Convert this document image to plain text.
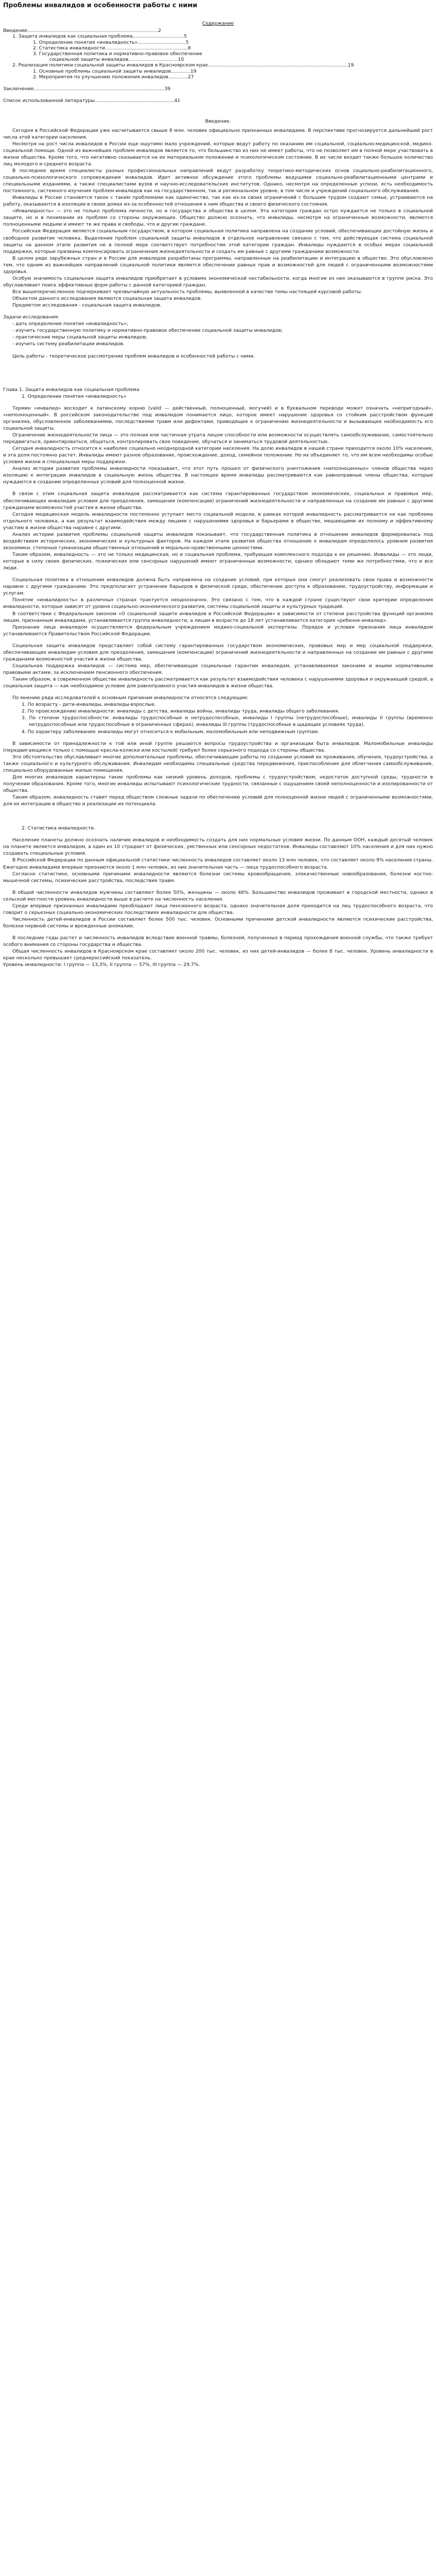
Проблемы инвалидов и особенности работы с ними
Содержание
Введение.......................................................................................2
1. Защита инвалидов как социальная проблема..................................5
1. Определение понятия «инвалидность»................................5
2. Статистика инвалидности.......................................................8
3. Государственная политика и нормативно-правовое обеспечение
социальной защиты инвалидов.................................10
2. Реализация политики социальной защиты инвалидов в Красноярском крае.............................................................................................19
1. Основные проблемы социальной защиты инвалидов.............19
2. Мероприятия по улучшению положения инвалидов.............27
Заключение.......................................................................................39
Список использованной литературы.....................................................41
Введение.

Сегодня в Российской Федерации уже насчитывается свыше 8 млн. человек официально признанных инвалидами. В перспективе прогнозируется дальнейший рост числа этой категории населения.

Несмотря на рост числа инвалидов в России еще ощутимо мало учреждений, которые ведут работу по оказанию им социальной, социально-медицинской, медико-социальной помощи. Одной из важнейших проблем инвалидов является то, что большинство из них не имеет работы, что не позволяет им в полной мере участвовать в жизни общества. Кроме того, что негативно сказывается на их материальном положении и психологическом состоянии. В их числе входит также большое количество лиц молодого и среднего возраста.

В последнее время специалисты разных профессиональных направлений ведут разработку теоретико-методических основ социально-реабилитационного, социально-психологического сопровождения инвалидов. Идет активное обсуждение этого проблемы ведущими социально-реабилитационными центрами и специальными изданиями, а также специалистами вузов и научно-исследовательских институтов. Однако, несмотря на определенные успехи, есть необходимость постоянного, системного изучения проблем инвалидов как на государственном, так и региональном уровне, в том числе и учреждений социального обслуживания.

Инвалиды в России становятся такое с таким проблемами как одиночество, так как из-за своих ограничений с большим трудом создают семьи, устраиваются на работу, оказываются в изоляции в своих домах из-за особенностей отношения к ним общества и своего физического состояния.

«Инвалидность» — это не только проблема личности, но и государства и общества в целом. Эта категория граждан остро нуждается не только в социальной защите, но и в понимании их проблем со стороны окружающих. Общество должно осознать, что инвалиды, несмотря на ограниченные возможности, являются полноценными людьми и имеют те же права и свободы, что и другие граждане.

Российская Федерация является социальным государством, в котором социальная политика направлена на создание условий, обеспечивающих достойную жизнь и свободное развитие человека. Выделение проблем социальной защиты инвалидов в отдельное направление связано с тем, что действующая система социальной защиты на данном этапе развития не в полной мере соответствует потребностям этой категории граждан. Инвалиды нуждаются в особых мерах социальной поддержки, которые призваны компенсировать ограничения жизнедеятельности и создать им равные с другими гражданами возможности.

В целом ряде зарубежных стран и в России для инвалидов разработаны программы, направленные на реабилитацию и интеграцию в общество. Это обусловлено тем, что одним из важнейших направлений социальной политики является обеспечение равных прав и возможностей для людей с ограниченными возможностями здоровья.

Особую значимость социальная защита инвалидов приобретает в условиях экономической нестабильности, когда многие из них оказываются в группе риска. Это обуславливает поиск эффективных форм работы с данной категорией граждан.

Все вышеперечисленное подчеркивает чрезвычайную актуальность проблемы, выявленной в качестве темы настоящей курсовой работы.

Объектом данного исследования являются социальная защита инвалидов.

Предметом исследования - социальная защита инвалидов.

Задачи исследования:

- дать определение понятия «инвалидность»;

- изучить государственную политику и нормативно-правовое обеспечение социальной защиты инвалидов;

- практические меры социальной защиты инвалидов;

- изучить систему реабилитации инвалидов.

Цель работы - теоретическое рассмотрение проблем инвалидов и особенностей работы с ними.

Глава 1. Защита инвалидов как социальная проблема
1. Определение понятия «инвалидность»

Термин «инвалид» восходит к латинскому корню (valid — действенный, полноценный, могучий) и в буквальном переводе может означать «непригодный», «неполноценный». В российском законодательстве под инвалидом понимается лицо, которое имеет нарушение здоровья со стойким расстройством функций организма, обусловленное заболеваниями, последствиями травм или дефектами, приводящее к ограничению жизнедеятельности и вызывающее необходимость его социальной защиты.

Ограничение жизнедеятельности лица — это полная или частичная утрата лицом способности или возможности осуществлять самообслуживание, самостоятельно передвигаться, ориентироваться, общаться, контролировать свое поведение, обучаться и заниматься трудовой деятельностью.

Сегодня инвалидность относится к наиболее социально неоднородной категории населения. На долю инвалидов в нашей стране приходится около 10% населения, и эта доля постоянно растет. Инвалиды имеют разное образование, происхождение, доход, семейное положение. Но их объединяет то, что им всем необходимы особые условия жизни и специальные меры поддержки.

Анализ истории развития проблемы инвалидности показывает, что этот путь прошел от физического уничтожения «неполноценных» членов общества через изоляцию к интеграции инвалидов в социальную жизнь общества. В настоящее время инвалиды рассматриваются как равноправные члены общества, которые нуждаются в создании определенных условий для полноценной жизни.

В связи с этим социальная защита инвалидов рассматривается как система гарантированных государством экономических, социальных и правовых мер, обеспечивающих инвалидам условия для преодоления, замещения (компенсации) ограничений жизнедеятельности и направленных на создание им равных с другими гражданами возможностей участия в жизни общества.

Сегодня медицинская модель инвалидности постепенно уступает место социальной модели, в рамках которой инвалидность рассматривается не как проблема отдельного человека, а как результат взаимодействия между лицами с нарушениями здоровья и барьерами в обществе, мешающими их полному и эффективному участию в жизни общества наравне с другими.

Анализ истории развития проблемы социальной защиты инвалидов показывает, что государственная политика в отношении инвалидов формировалась под воздействием исторических, экономических и культурных факторов. На каждом этапе развития общества отношение к инвалидам определялось уровнем развития экономики, степенью гуманизации общественных отношений и морально-нравственными ценностями.

Таким образом, инвалидность — это не только медицинская, но и социальная проблема, требующая комплексного подхода к ее решению. Инвалиды — это люди, которые в силу своих физических, психических или сенсорных нарушений имеют ограниченные возможности, однако обладают теми же потребностями, что и все люди.

Социальная политика в отношении инвалидов должна быть направлена на создание условий, при которых они смогут реализовать свои права и возможности наравне с другими гражданами. Это предполагает устранение барьеров в физической среде, обеспечение доступа к образованию, трудоустройству, информации и услугам.

Понятие «инвалидность» в различных странах трактуется неоднозначно. Это связано с тем, что в каждой стране существуют свои критерии определения инвалидности, которые зависят от уровня социально-экономического развития, системы социальной защиты и культурных традиций.

В соответствии с Федеральным законом «О социальной защите инвалидов в Российской Федерации» в зависимости от степени расстройства функций организма лицам, признанным инвалидами, устанавливается группа инвалидности, а лицам в возрасте до 18 лет устанавливается категория «ребенок-инвалид».

Признание лица инвалидом осуществляется федеральным учреждением медико-социальной экспертизы. Порядок и условия признания лица инвалидом устанавливаются Правительством Российской Федерации.

Социальная защита инвалидов представляет собой систему гарантированных государством экономических, правовых мер и мер социальной поддержки, обеспечивающих инвалидам условия для преодоления, замещения (компенсации) ограничений жизнедеятельности и направленных на создание им равных с другими гражданами возможностей участия в жизни общества.

Социальная поддержка инвалидов — система мер, обеспечивающая социальные гарантии инвалидам, устанавливаемая законами и иными нормативными правовыми актами, за исключением пенсионного обеспечения.

Таким образом, в современном обществе инвалидность рассматривается как результат взаимодействия человека с нарушениями здоровья и окружающей средой, а социальная защита — как необходимое условие для равноправного участия инвалидов в жизни общества.

По мнению ряда исследователей к основным причинам инвалидности относятся следующие:

1. По возрасту - дети-инвалиды, инвалиды-взрослые.
2. По происхождению инвалидности: инвалиды с детства, инвалиды войны, инвалиды труда, инвалиды общего заболевания.
3. По степени трудоспособности: инвалиды трудоспособные и нетрудоспособные, инвалиды I группы (нетрудоспособные), инвалиды II группы (временно нетрудоспособные или трудоспособные в ограниченных сферах), инвалиды III группы (трудоспособные в щадящих условиях труда).
4. По характеру заболевания: инвалиды могут относиться к мобильным, маломобильным или неподвижным группам.

В зависимости от принадлежности к той или иной группе решаются вопросы трудоустройства и организации быта инвалидов. Маломобильные инвалиды (передвигающиеся только с помощью кресла-коляски или костылей) требуют более серьезного подхода со стороны общества.

Это обстоятельство обуславливает многие дополнительные проблемы, обеспечивающие работы по созданию условий их проживания, обучения, трудоустройства, а также социального и культурного обслуживания. Инвалидам необходимы специальные средства передвижения, приспособления для облегчения самообслуживания, специально оборудованные жилые помещения.

Для многих инвалидов характерны такие проблемы как низкий уровень доходов, проблемы с трудоустройством, недостаток доступной среды, трудности в получении образования. Кроме того, многие инвалиды испытывают психологические трудности, связанные с ощущением своей неполноценности и изолированности от общества.

Таким образом, инвалидность ставит перед обществом сложные задачи по обеспечению условий для полноценной жизни людей с ограниченными возможностями, для их интеграции в общество и реализации их потенциала.

2. Статистика инвалидности.

Население планеты должно осознать наличие инвалидов и необходимость создать для них нормальные условия жизни. По данным ООН, каждый десятый человек на планете является инвалидом, а один из 10 страдает от физических, умственных или сенсорных недостатков. Инвалиды составляют 10% населения и для них нужно создавать специальные условия.

В Российской Федерации по данным официальной статистики численность инвалидов составляет около 13 млн человек, что составляет около 9% населения страны. Ежегодно инвалидами впервые признаются около 1 млн человек, из них значительная часть — лица трудоспособного возраста.

Согласно статистике, основными причинами инвалидности являются болезни системы кровообращения, злокачественные новообразования, болезни костно-мышечной системы, психические расстройства, последствия травм.

В общей численности инвалидов мужчины составляют более 50%, женщины — около 48%. Большинство инвалидов проживает в городской местности, однако в сельской местности уровень инвалидности выше в расчете на численность населения.

Среди впервые признанных инвалидами преобладают лица пенсионного возраста, однако значительная доля приходится на лиц трудоспособного возраста, что говорит о серьезных социально-экономических последствиях инвалидности для общества.

Численность детей-инвалидов в России составляет более 500 тыс. человек. Основными причинами детской инвалидности являются психические расстройства, болезни нервной системы и врожденные аномалии.

В последние годы растет и численность инвалидов вследствие военной травмы, болезней, полученных в период прохождения военной службы, что также требует особого внимания со стороны государства и общества.

Общая численность инвалидов в Красноярском крае составляет около 200 тыс. человек, из них детей-инвалидов — более 8 тыс. человек. Уровень инвалидности в крае несколько превышает среднероссийский показатель.

Уровень инвалидности: I группа — 13,3%, II группа — 57%, III группа — 29,7%.
